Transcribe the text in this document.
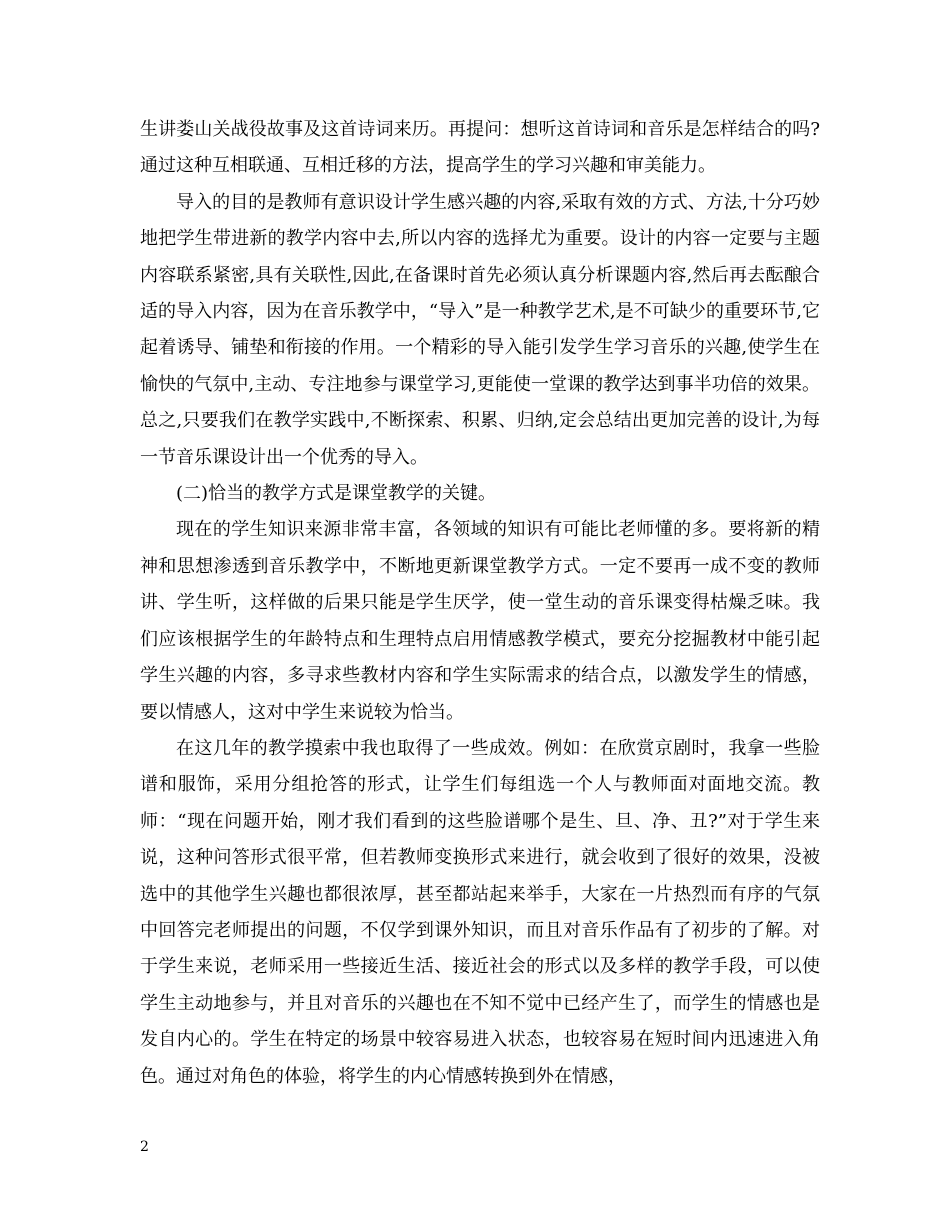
生讲娄山关战役故事及这首诗词来历。再提问：想听这首诗词和音乐是怎样结合的吗?通过这种互相联通、互相迁移的方法，提高学生的学习兴趣和审美能力。

导入的目的是教师有意识设计学生感兴趣的内容,采取有效的方式、方法,十分巧妙地把学生带进新的教学内容中去,所以内容的选择尤为重要。设计的内容一定要与主题内容联系紧密,具有关联性,因此,在备课时首先必须认真分析课题内容,然后再去酝酿合适的导入内容，因为在音乐教学中，“导入”是一种教学艺术,是不可缺少的重要环节,它起着诱导、铺垫和衔接的作用。一个精彩的导入能引发学生学习音乐的兴趣,使学生在愉快的气氛中,主动、专注地参与课堂学习,更能使一堂课的教学达到事半功倍的效果。总之,只要我们在教学实践中,不断探索、积累、归纳,定会总结出更加完善的设计,为每一节音乐课设计出一个优秀的导入。

(二)恰当的教学方式是课堂教学的关键。

现在的学生知识来源非常丰富，各领域的知识有可能比老师懂的多。要将新的精神和思想渗透到音乐教学中，不断地更新课堂教学方式。一定不要再一成不变的教师讲、学生听，这样做的后果只能是学生厌学，使一堂生动的音乐课变得枯燥乏味。我们应该根据学生的年龄特点和生理特点启用情感教学模式，要充分挖掘教材中能引起学生兴趣的内容，多寻求些教材内容和学生实际需求的结合点，以激发学生的情感，要以情感人，这对中学生来说较为恰当。

在这几年的教学摸索中我也取得了一些成效。例如：在欣赏京剧时，我拿一些脸谱和服饰，采用分组抢答的形式，让学生们每组选一个人与教师面对面地交流。教师：“现在问题开始，刚才我们看到的这些脸谱哪个是生、旦、净、丑?”对于学生来说，这种问答形式很平常，但若教师变换形式来进行，就会收到了很好的效果，没被选中的其他学生兴趣也都很浓厚，甚至都站起来举手，大家在一片热烈而有序的气氛中回答完老师提出的问题，不仅学到课外知识，而且对音乐作品有了初步的了解。对于学生来说，老师采用一些接近生活、接近社会的形式以及多样的教学手段，可以使学生主动地参与，并且对音乐的兴趣也在不知不觉中已经产生了，而学生的情感也是发自内心的。学生在特定的场景中较容易进入状态，也较容易在短时间内迅速进入角色。通过对角色的体验，将学生的内心情感转换到外在情感，

2
